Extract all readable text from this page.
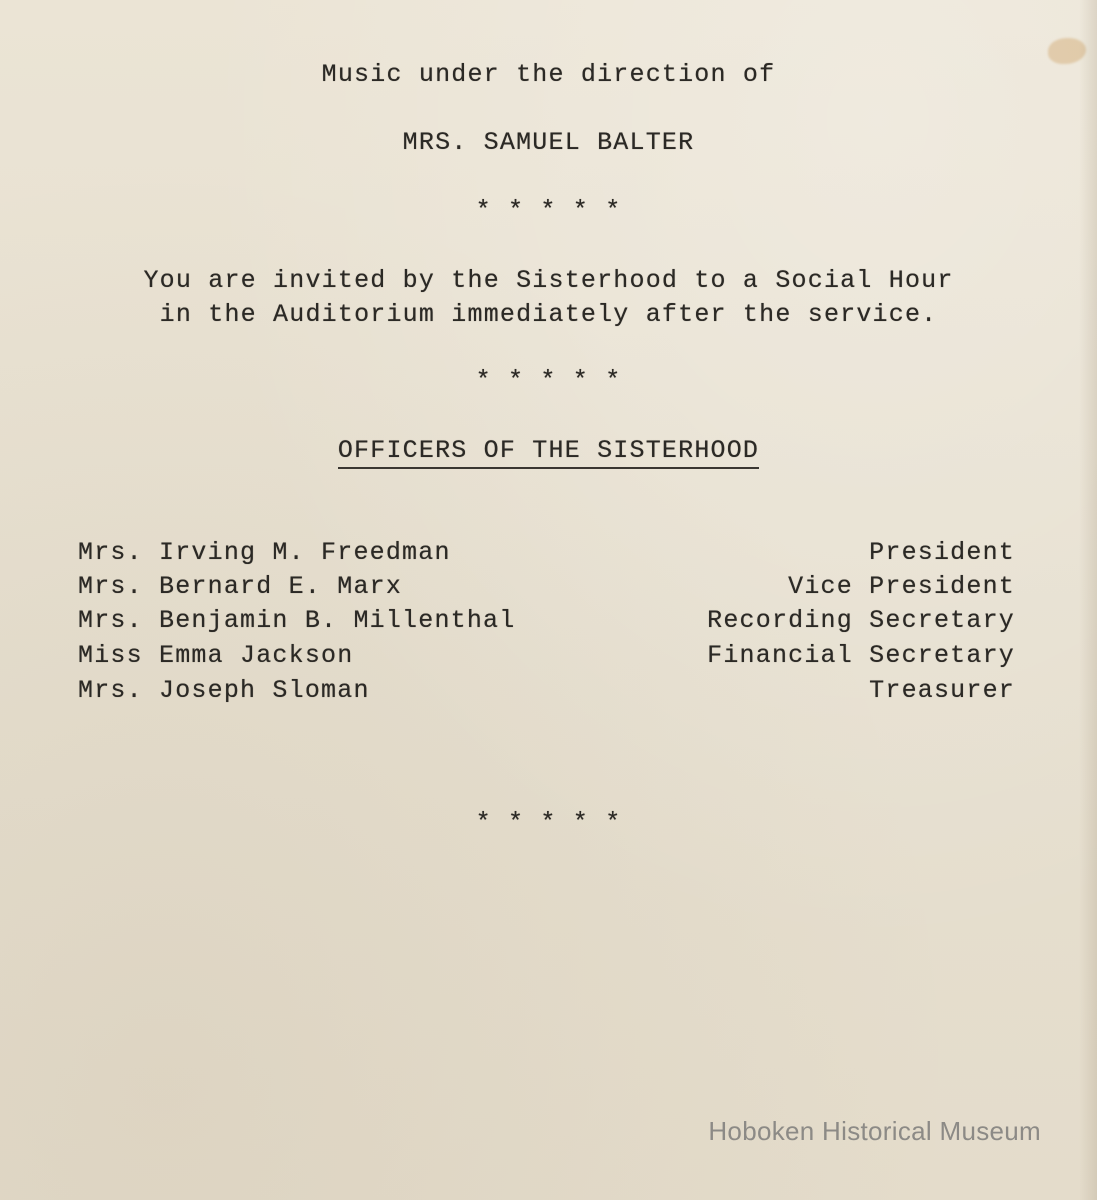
Music under the direction of
MRS. SAMUEL BALTER
* * * * *
You are invited by the Sisterhood to a Social Hour
in the Auditorium immediately after the service.
* * * * *
OFFICERS OF THE SISTERHOOD
Mrs. Irving M. Freedman	President
Mrs. Bernard E. Marx	Vice President
Mrs. Benjamin B. Millenthal	Recording Secretary
Miss Emma Jackson	Financial Secretary
Mrs. Joseph Sloman	Treasurer
* * * * *
Hoboken Historical Museum
